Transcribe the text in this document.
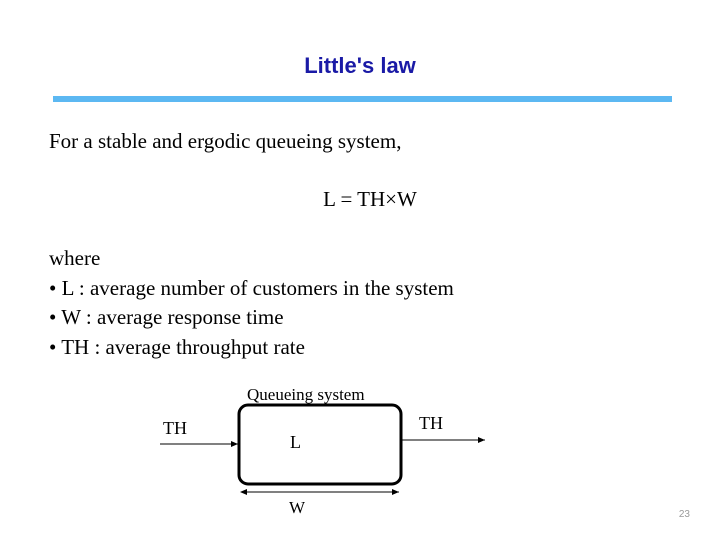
Little's law
For a stable and ergodic queueing system,
L = TH×W
where
• L : average number of customers in the system
• W : average response time
• TH : average throughput rate
Queueing system
TH	TH
L
W	23
